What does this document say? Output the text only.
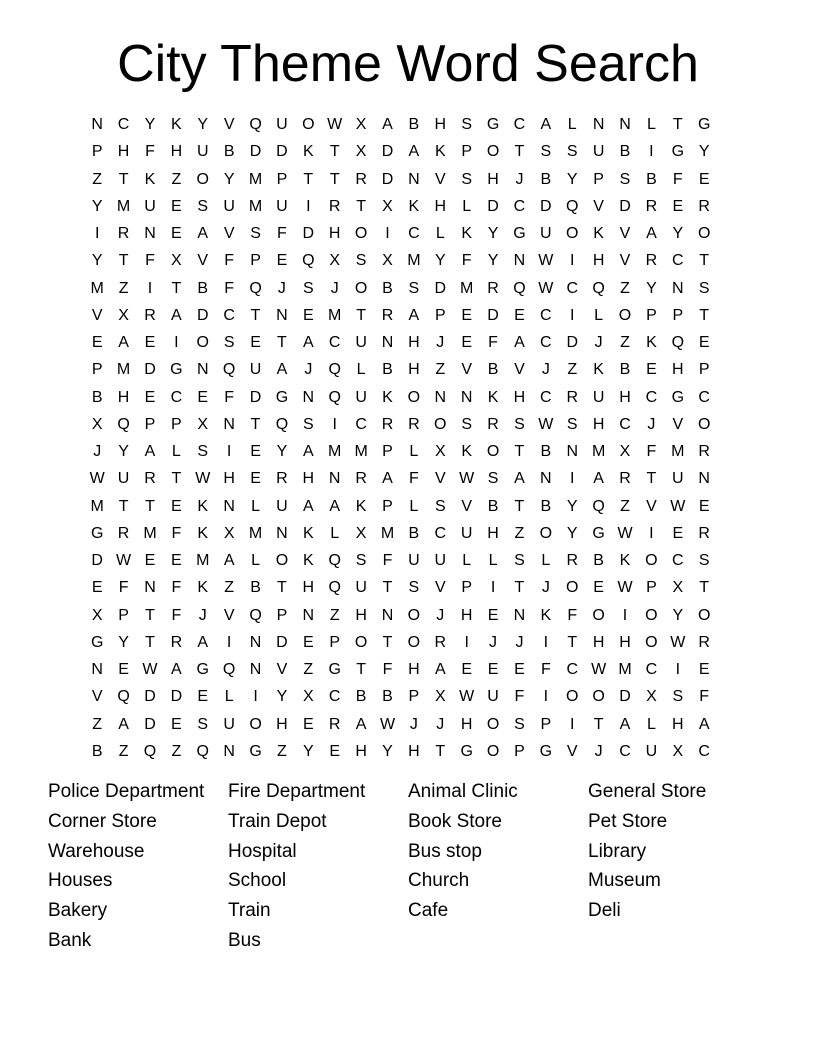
City Theme Word Search
N C Y K Y V Q U O W X A B H S G C A	L	N N	L	T G
P H F H U B D D K	T	X D A K P O T	S S U B	I	G Y
Z	T	K	Z O Y M P	T	T R D N V S H	J	B Y P S B	F	E
Y M U E S U M U	I	R T	X K H	L	D C D Q V D R E R
I	R N E A V S	F D H O	I	C	L	K Y G U O K V A Y O
Y	T	F	X V	F	P E Q X S X M Y	F	Y N W	I	H V R C T
M Z	I	T	B	F Q	J	S	J	O B S D M R Q W C Q Z	Y N S
V X R A D C T N E M T R A P E D E C	I	L O P P	T
E A E	I	O S E	T	A C U N H	J	E	F	A C D	J	Z	K Q E
P M D G N Q U A	J	Q L	B H Z	V B V	J	Z	K B E H P
B H E C E	F D G N Q U K O N N K H C R U H C G C
X Q P P X N T Q S	I	C R R O S R S W S H C	J	V O
J	Y A	L	S	I	E Y A M M P	L	X K O T	B N M X	F M R
W U R T W H E R H N R A	F	V W S A N	I	A R T U N
M T	T	E K N	L	U A A K P	L	S V B	T	B Y Q Z	V W E
G R M F	K X M N K	L	X M B C U H Z O Y G W	I	E R
D W E E M A	L O K Q S	F U U	L	L	S	L	R B K O C S
E	F N F	K	Z	B	T H Q U T	S V P	I	T	J	O E W P X	T
X P	T	F	J	V Q P N Z H N O	J	H E N K	F O	I	O Y O
G Y	T R A	I	N D E P O T O R	I	J	J	I	T H H O W R
N E W A G Q N V	Z G T	F H A E E E	F C W M C	I	E
V Q D D E	L	I	Y X C B B P X W U F	I	O O D X S	F
Z	A D E S U O H E R A W J	J	H O S P	I	T	A	L	H A
B	Z Q Z Q N G Z	Y E H Y H T G O P G V	J	C U X C
Police Department	Fire Department	Animal Clinic	General Store
Corner Store	Train Depot	Book Store	Pet Store
Warehouse	Hospital	Bus stop	Library
Houses	School	Church	Museum
Bakery	Train	Cafe	Deli
Bank	Bus
